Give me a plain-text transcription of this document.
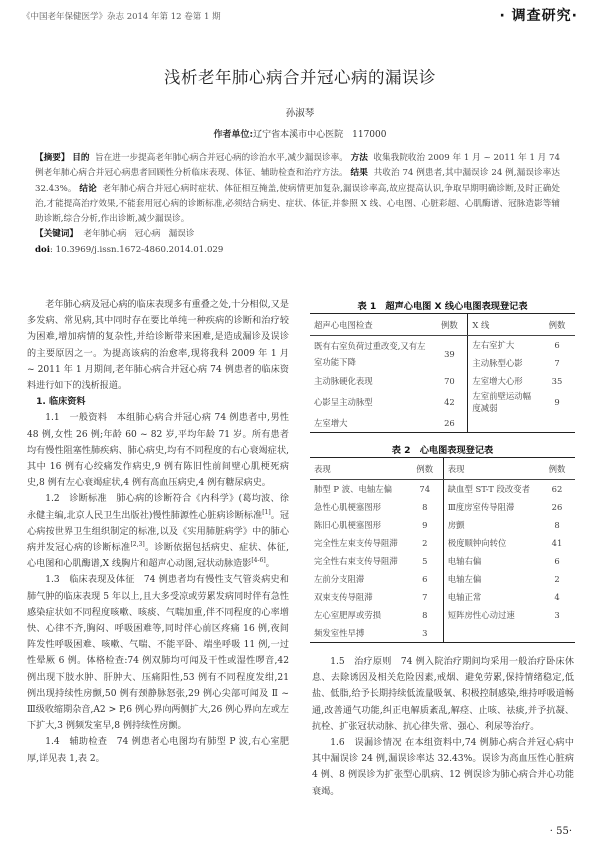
《中国老年保健医学》杂志 2014 年第 12 卷第 1 期	· 调查研究·
浅析老年肺心病合并冠心病的漏误诊
孙淑琴
作者单位:辽宁省本溪市中心医院　117000

【摘要】 目的 旨在进一步提高老年肺心病合并冠心病的诊治水平,减少漏误诊率。 方法 收集我院收治 2009 年 1 月 ~ 2011 年 1 月 74 例老年肺心病合并冠心病患者回顾性分析临床表现、体征、辅助检查和治疗方法。 结果 共收治 74 例患者,其中漏误诊 24 例,漏误诊率达 32.43%。 结论 老年肺心病合并冠心病时症状、体征相互掩盖,使病情更加复杂,漏误诊率高,故应提高认识,争取早期明确诊断,及时正确处治,才能提高治疗效果,不能套用冠心病的诊断标准,必须结合病史、症状、体征,并参照 X 线、心电图、心脏彩超、心肌酶谱、冠脉造影等辅助诊断,综合分析,作出诊断,减少漏误诊。

【关键词】 老年肺心病 冠心病 漏误诊

doi: 10.3969/j.issn.1672-4860.2014.01.029

老年肺心病及冠心病的临床表现多有重叠之处,十分相似,又是多发病、常见病,其中同时存在要比单纯一种疾病的诊断和治疗较为困难,增加病情的复杂性,并给诊断带来困难,是造成漏诊及误诊的主要原因之一。为提高该病的治愈率,现将我科 2009 年 1 月 ~ 2011 年 1 月期间,老年肺心病合并冠心病 74 例患者的临床资料进行如下的浅析报道。

1. 临床资料

1.1　一般资料　本组肺心病合并冠心病 74 例患者中,男性 48 例,女性 26 例;年龄 60 ~ 82 岁,平均年龄 71 岁。所有患者均有慢性阻塞性肺疾病、肺心病史,均有不同程度的右心衰竭症状,其中 16 例有心绞痛发作病史,9 例有陈旧性前间壁心肌梗死病史,8 例有左心衰竭症状,4 例有高血压病史,4 例有糖尿病史。

1.2　诊断标准　肺心病的诊断符合《内科学》(葛均波、徐永健主编,北京人民卫生出版社)慢性肺源性心脏病诊断标准[1]。冠心病按世界卫生组织制定的标准,以及《实用肺脏病学》中的肺心病并发冠心病的诊断标准[2,3]。诊断依据包括病史、症状、体征,心电图和心肌酶谱,X 线胸片和超声心动图,冠状动脉造影[4-6]。

1.3　临床表现及体征　74 例患者均有慢性支气管炎病史和肺气肿的临床表现 5 年以上,且大多受凉或劳累发病同时伴有急性感染症状如不同程度咳嗽、咳痰、气喘加重,伴不同程度的心率增快、心律不齐,胸闷、呼吸困难等,同时伴心前区疼痛 16 例,夜间阵发性呼吸困难、咳嗽、气喘、不能平卧、端坐呼吸 11 例,一过性晕厥 6 例。体格检查:74 例双肺均可闻及干性或湿性啰音,42 例出现下肢水肿、肝肿大、压痛阳性,53 例有不同程度发绀,21 例出现持续性房颤,50 例有颈静脉怒张,29 例心尖部可闻及 Ⅱ ~ Ⅲ级收缩期杂音,A2 > P,6 例心界向两侧扩大,26 例心界向左或左下扩大,3 例频发室早,8 例持续性房颤。

1.4　辅助检查　74 例患者心电图均有肺型 P 波,右心室肥厚,详见表 1,表 2。

表 1　超声心电图 X 线心电图表现登记表
超声心电图检查	例数	X 线	例数
既有右室负荷过重改变,又有左室功能下降	39	左右室扩大	6
		主动脉型心影	7
主动脉硬化表现	70	左室增大心形	35
心影呈主动脉型	42	左室前壁运动幅度减弱	9
左室增大	26		
表 2　心电图表现登记表
表现	例数	表现	例数
肺型 P 波、电轴左偏	74	缺血型 ST-T 段改变者	62
急性心肌梗塞图形	8	Ⅲ度房室传导阻滞	26
陈旧心肌梗塞图形	9	房颤	8
完全性左束支传导阻滞	2	极度顺钟向转位	41
完全性右束支传导阻滞	5	电轴右偏	6
左前分支阻滞	6	电轴左偏	2
双束支传导阻滞	7	电轴正常	4
左心室肥厚或劳损	8	短阵房性心动过速	3
频发室性早搏	3		

1.5　治疗原则　74 例入院治疗期间均采用一般治疗卧床休息、去除诱因及相关危险因素,戒烟、避免劳累,保持情绪稳定,低盐、低脂,给予长期持续低流量吸氧、积极控制感染,维持呼吸道畅通,改善通气功能,纠正电解质紊乱,解痉、止咳、祛痰,并予抗凝、抗栓、扩张冠状动脉、抗心律失常、强心、利尿等治疗。

1.6　误漏诊情况 在本组资料中,74 例肺心病合并冠心病中其中漏误诊 24 例,漏误诊率达 32.43%。误诊为高血压性心脏病 4 例、8 例误诊为扩张型心肌病、12 例误诊为肺心病合并心功能衰竭。

· 55·
